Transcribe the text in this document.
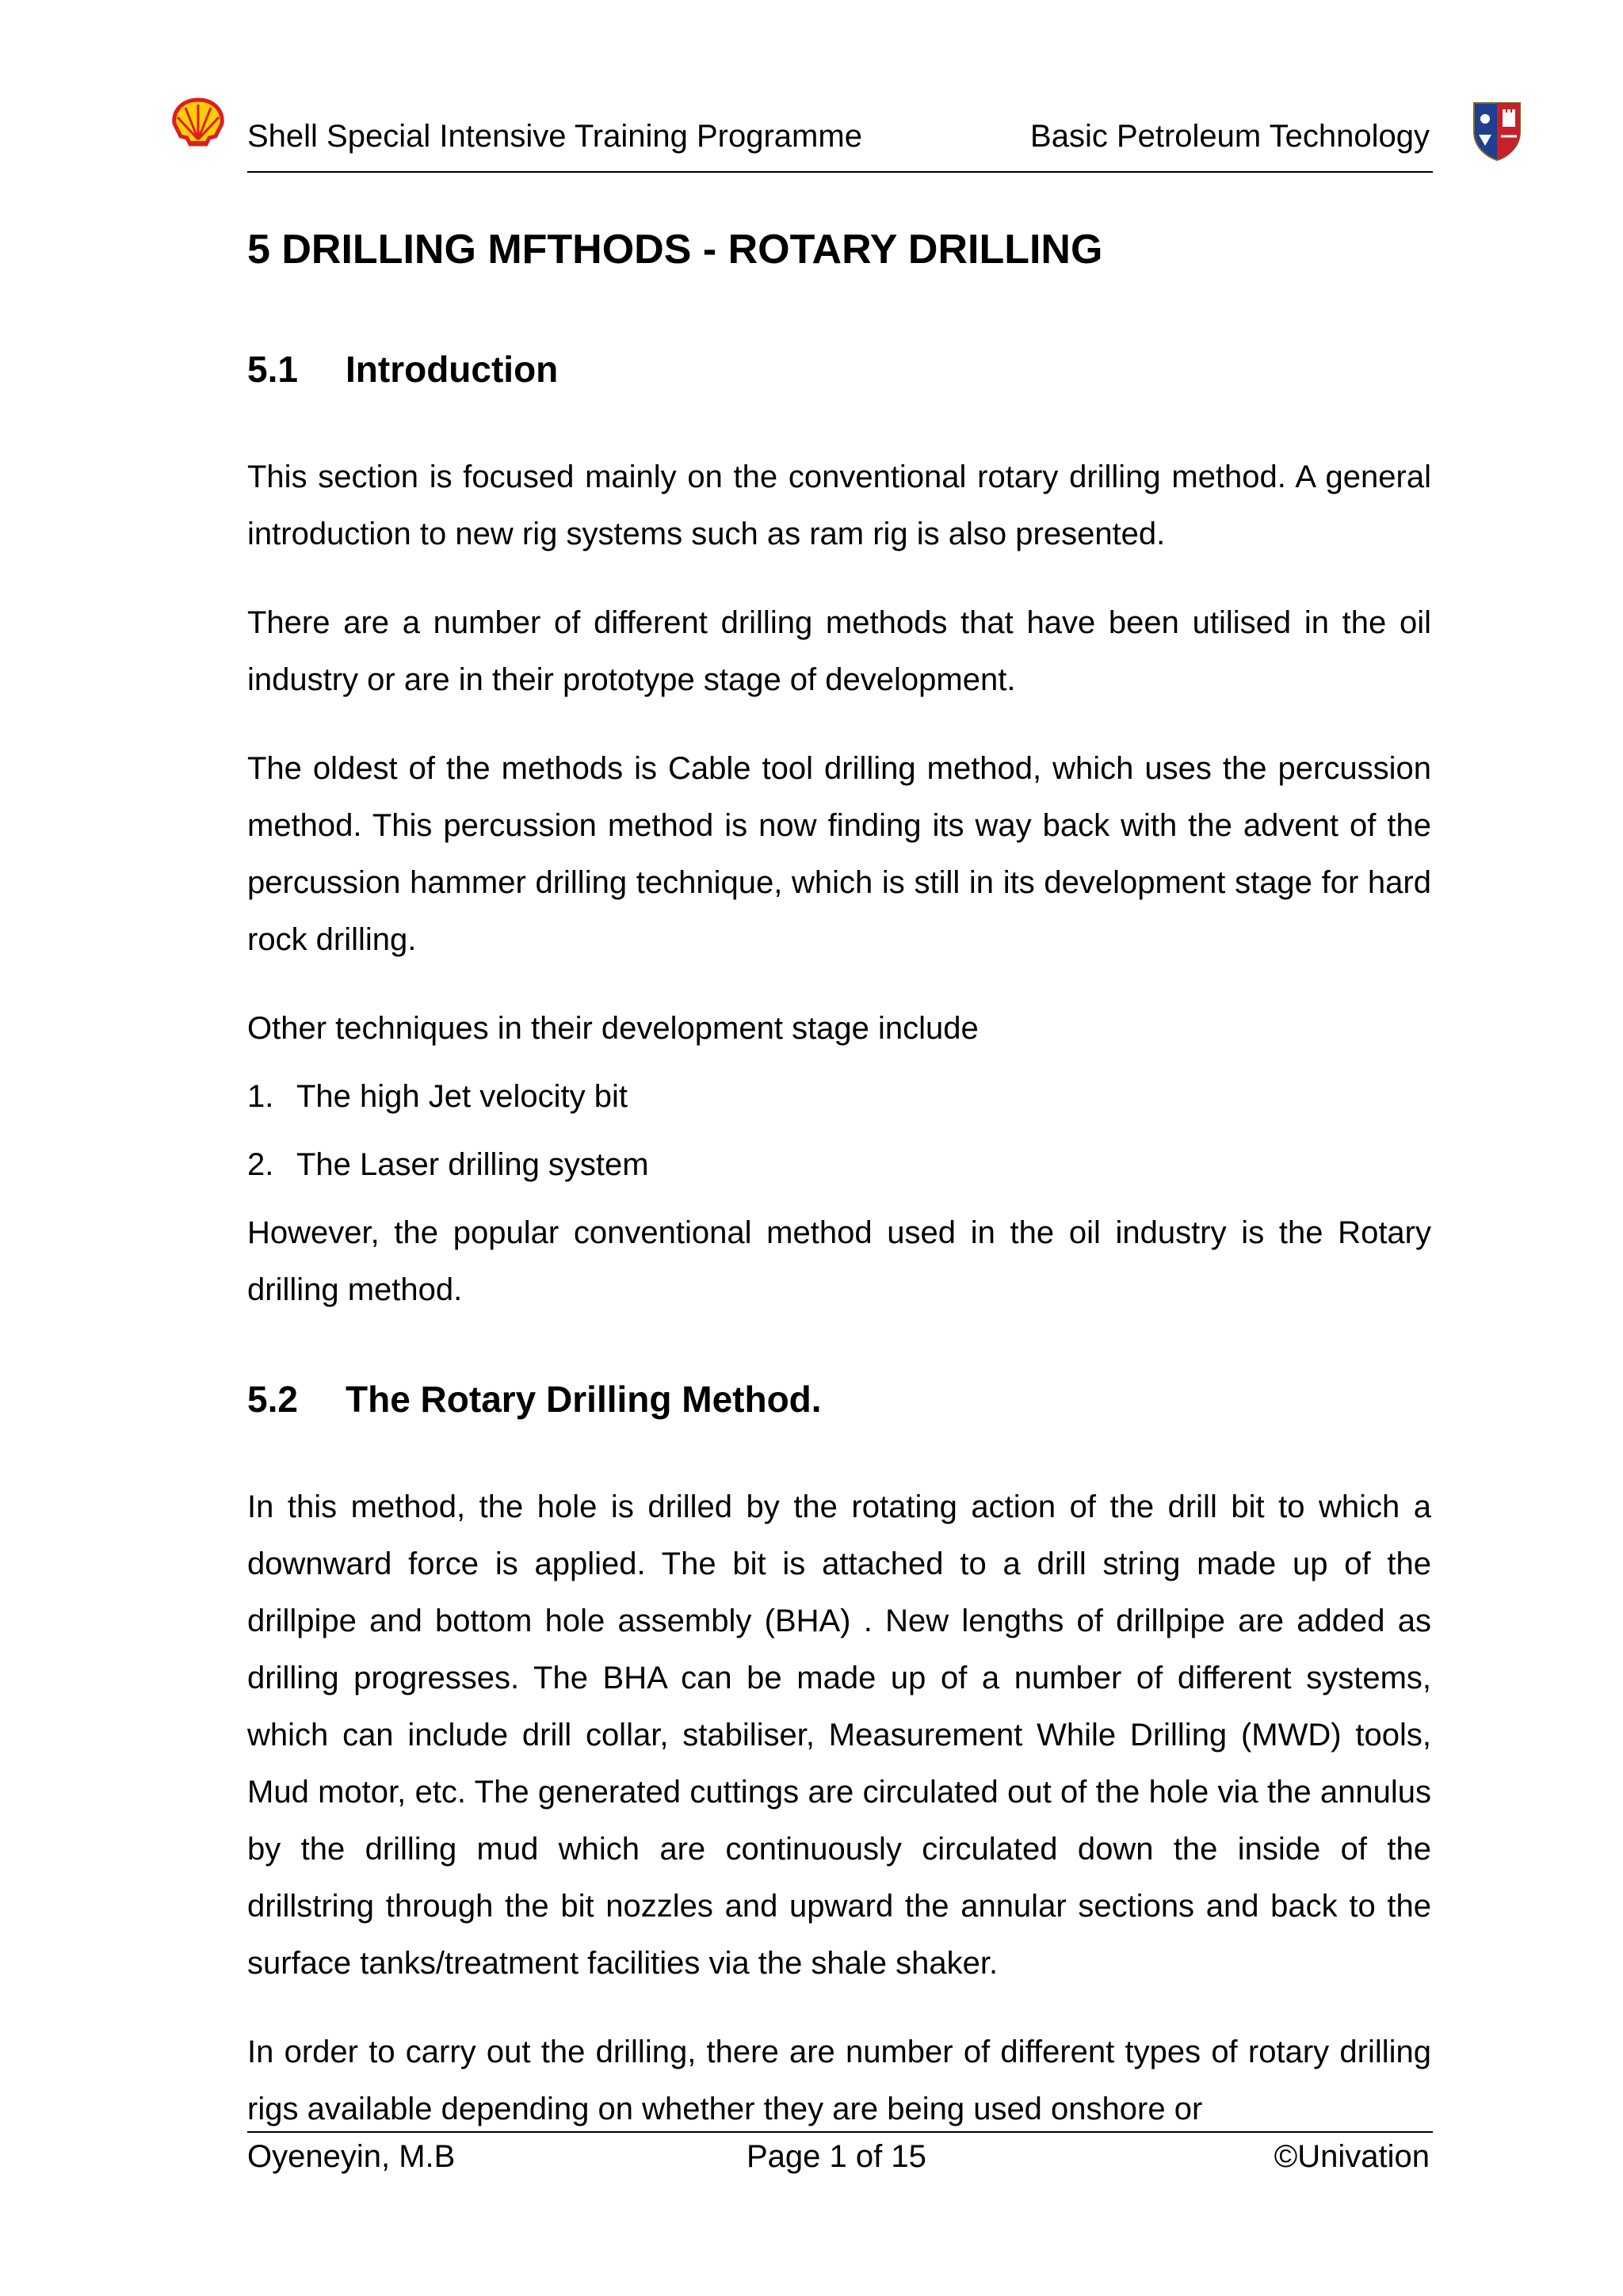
Shell Special Intensive Training Programme	Basic Petroleum Technology
5 DRILLING MFTHODS - ROTARY DRILLING
5.1 Introduction

This section is focused mainly on the conventional rotary drilling method. A general introduction to new rig systems such as ram rig is also presented.

There are a number of different drilling methods that have been utilised in the oil industry or are in their prototype stage of development.

The oldest of the methods is Cable tool drilling method, which uses the percussion method. This percussion method is now finding its way back with the advent of the percussion hammer drilling technique, which is still in its development stage for hard rock drilling.

Other techniques in their development stage include

1. The high Jet velocity bit
2. The Laser drilling system

However, the popular conventional method used in the oil industry is the Rotary drilling method.

5.2 The Rotary Drilling Method.

In this method, the hole is drilled by the rotating action of the drill bit to which a downward force is applied. The bit is attached to a drill string made up of the drillpipe and bottom hole assembly (BHA) . New lengths of drillpipe are added as drilling progresses. The BHA can be made up of a number of different systems, which can include drill collar, stabiliser, Measurement While Drilling (MWD) tools, Mud motor, etc. The generated cuttings are circulated out of the hole via the annulus by the drilling mud which are continuously circulated down the inside of the drillstring through the bit nozzles and upward the annular sections and back to the surface tanks/treatment facilities via the shale shaker.

In order to carry out the drilling, there are number of different types of rotary drilling rigs available depending on whether they are being used onshore or

Oyeneyin, M.B	Page 1 of 15	©Univation
